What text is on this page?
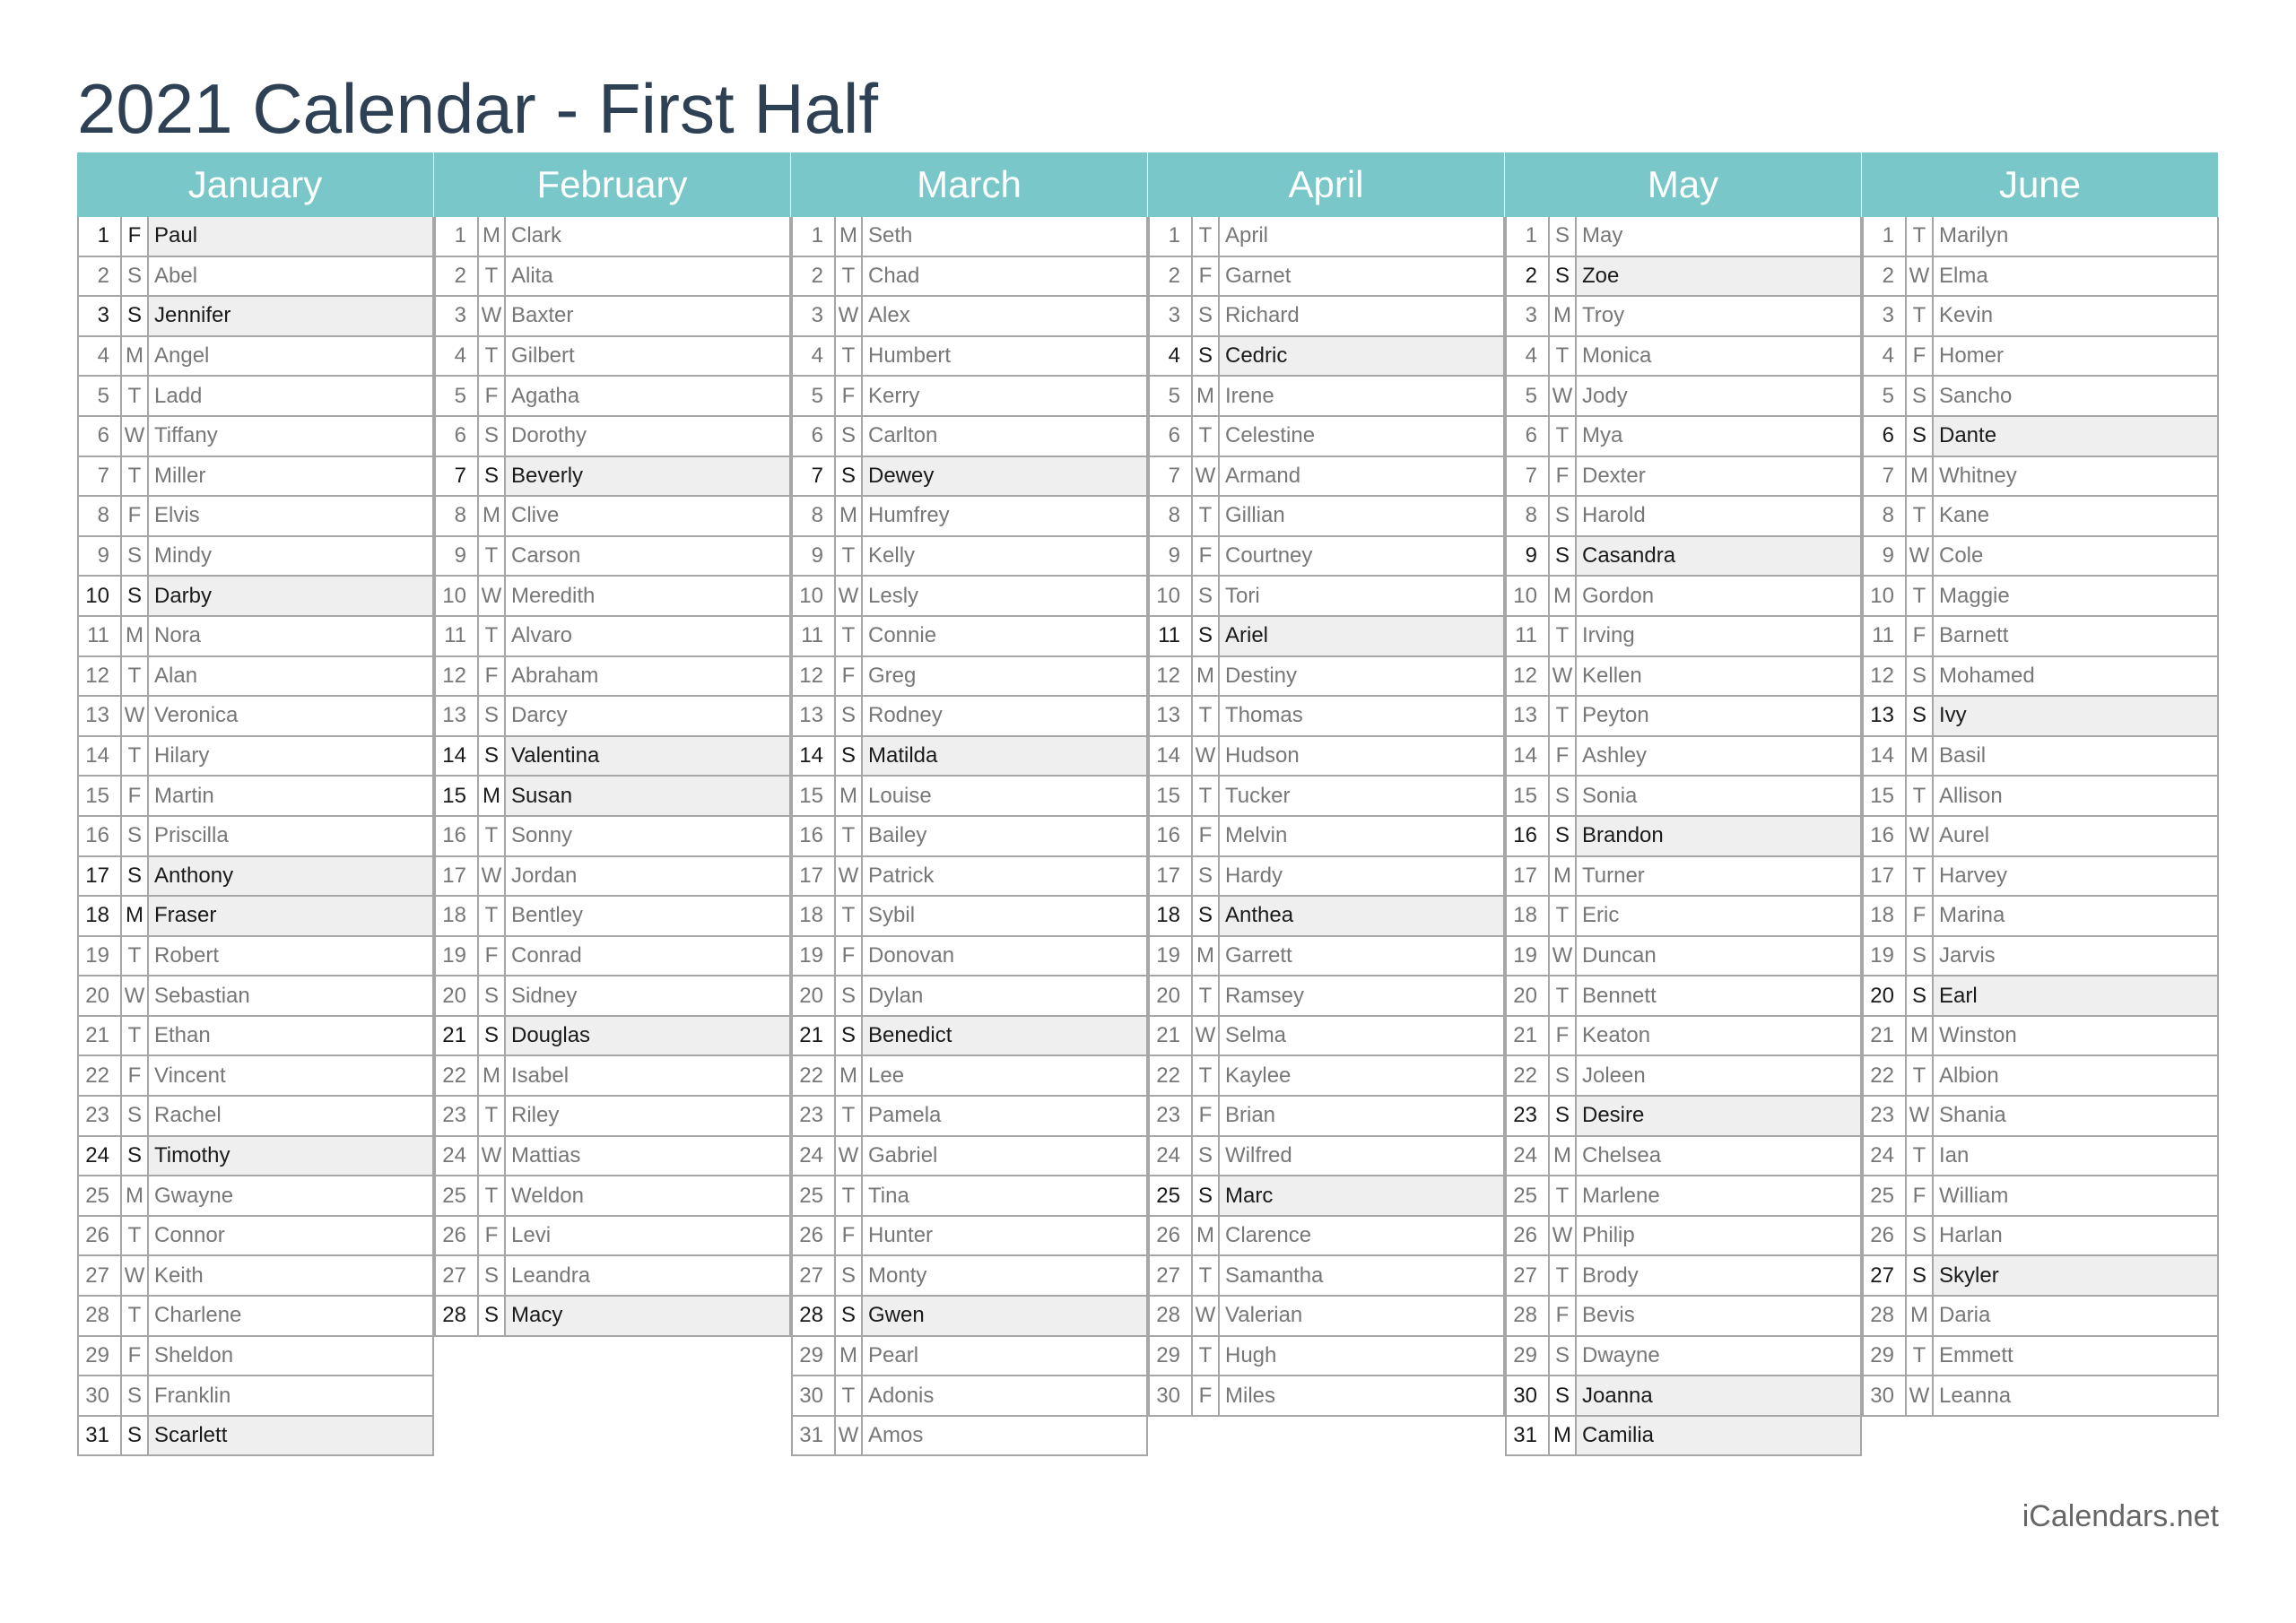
2021 Calendar - First Half
January
1 F Paul
2 S Abel
3 S Jennifer
4 M Angel
5 T Ladd
6 W Tiffany
7 T Miller
8 F Elvis
9 S Mindy
10 S Darby
11 M Nora
12 T Alan
13 W Veronica
14 T Hilary
15 F Martin
16 S Priscilla
17 S Anthony
18 M Fraser
19 T Robert
20 W Sebastian
21 T Ethan
22 F Vincent
23 S Rachel
24 S Timothy
25 M Gwayne
26 T Connor
27 W Keith
28 T Charlene
29 F Sheldon
30 S Franklin
31 S Scarlett
February
1 M Clark
2 T Alita
3 W Baxter
4 T Gilbert
5 F Agatha
6 S Dorothy
7 S Beverly
8 M Clive
9 T Carson
10 W Meredith
11 T Alvaro
12 F Abraham
13 S Darcy
14 S Valentina
15 M Susan
16 T Sonny
17 W Jordan
18 T Bentley
19 F Conrad
20 S Sidney
21 S Douglas
22 M Isabel
23 T Riley
24 W Mattias
25 T Weldon
26 F Levi
27 S Leandra
28 S Macy
March
1 M Seth
2 T Chad
3 W Alex
4 T Humbert
5 F Kerry
6 S Carlton
7 S Dewey
8 M Humfrey
9 T Kelly
10 W Lesly
11 T Connie
12 F Greg
13 S Rodney
14 S Matilda
15 M Louise
16 T Bailey
17 W Patrick
18 T Sybil
19 F Donovan
20 S Dylan
21 S Benedict
22 M Lee
23 T Pamela
24 W Gabriel
25 T Tina
26 F Hunter
27 S Monty
28 S Gwen
29 M Pearl
30 T Adonis
31 W Amos
April
1 T April
2 F Garnet
3 S Richard
4 S Cedric
5 M Irene
6 T Celestine
7 W Armand
8 T Gillian
9 F Courtney
10 S Tori
11 S Ariel
12 M Destiny
13 T Thomas
14 W Hudson
15 T Tucker
16 F Melvin
17 S Hardy
18 S Anthea
19 M Garrett
20 T Ramsey
21 W Selma
22 T Kaylee
23 F Brian
24 S Wilfred
25 S Marc
26 M Clarence
27 T Samantha
28 W Valerian
29 T Hugh
30 F Miles
May
1 S May
2 S Zoe
3 M Troy
4 T Monica
5 W Jody
6 T Mya
7 F Dexter
8 S Harold
9 S Casandra
10 M Gordon
11 T Irving
12 W Kellen
13 T Peyton
14 F Ashley
15 S Sonia
16 S Brandon
17 M Turner
18 T Eric
19 W Duncan
20 T Bennett
21 F Keaton
22 S Joleen
23 S Desire
24 M Chelsea
25 T Marlene
26 W Philip
27 T Brody
28 F Bevis
29 S Dwayne
30 S Joanna
31 M Camilia
June
1 T Marilyn
2 W Elma
3 T Kevin
4 F Homer
5 S Sancho
6 S Dante
7 M Whitney
8 T Kane
9 W Cole
10 T Maggie
11 F Barnett
12 S Mohamed
13 S Ivy
14 M Basil
15 T Allison
16 W Aurel
17 T Harvey
18 F Marina
19 S Jarvis
20 S Earl
21 M Winston
22 T Albion
23 W Shania
24 T Ian
25 F William
26 S Harlan
27 S Skyler
28 M Daria
29 T Emmett
30 W Leanna
iCalendars.net
